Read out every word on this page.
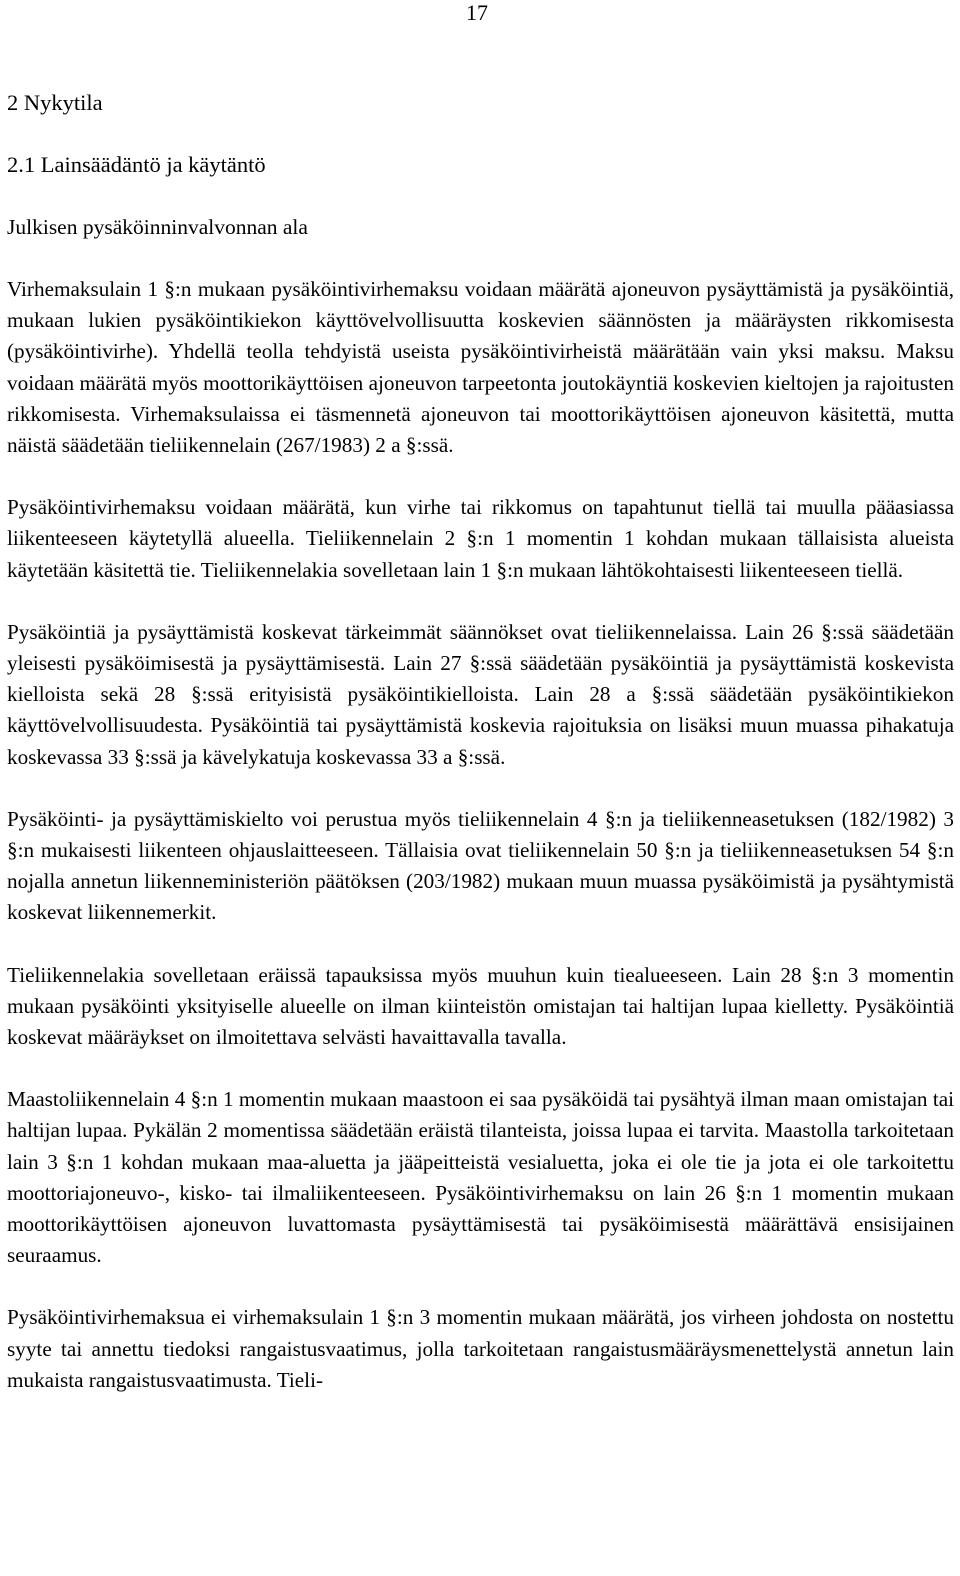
17
2 Nykytila
2.1 Lainsäädäntö ja käytäntö
Julkisen pysäköinninvalvonnan ala

Virhemaksulain 1 §:n mukaan pysäköintivirhemaksu voidaan määrätä ajoneuvon pysäyttämistä ja pysäköintiä, mukaan lukien pysäköintikiekon käyttövelvollisuutta koskevien säännösten ja määräysten rikkomisesta (pysäköintivirhe). Yhdellä teolla tehdyistä useista pysäköintivirheistä määrätään vain yksi maksu. Maksu voidaan määrätä myös moottorikäyttöisen ajoneuvon tarpeetonta joutokäyntiä koskevien kieltojen ja rajoitusten rikkomisesta. Virhemaksulaissa ei täsmennetä ajoneuvon tai moottorikäyttöisen ajoneuvon käsitettä, mutta näistä säädetään tieliikennelain (267/1983) 2 a §:ssä.

Pysäköintivirhemaksu voidaan määrätä, kun virhe tai rikkomus on tapahtunut tiellä tai muulla pääasiassa liikenteeseen käytetyllä alueella. Tieliikennelain 2 §:n 1 momentin 1 kohdan mukaan tällaisista alueista käytetään käsitettä tie. Tieliikennelakia sovelletaan lain 1 §:n mukaan lähtökohtaisesti liikenteeseen tiellä.

Pysäköintiä ja pysäyttämistä koskevat tärkeimmät säännökset ovat tieliikennelaissa. Lain 26 §:ssä säädetään yleisesti pysäköimisestä ja pysäyttämisestä. Lain 27 §:ssä säädetään pysäköintiä ja pysäyttämistä koskevista kielloista sekä 28 §:ssä erityisistä pysäköintikielloista. Lain 28 a §:ssä säädetään pysäköintikiekon käyttövelvollisuudesta. Pysäköintiä tai pysäyttämistä koskevia rajoituksia on lisäksi muun muassa pihakatuja koskevassa 33 §:ssä ja kävelykatuja koskevassa 33 a §:ssä.

Pysäköinti- ja pysäyttämiskielto voi perustua myös tieliikennelain 4 §:n ja tieliikenneasetuksen (182/1982) 3 §:n mukaisesti liikenteen ohjauslaitteeseen. Tällaisia ovat tieliikennelain 50 §:n ja tieliikenneasetuksen 54 §:n nojalla annetun liikenneministeriön päätöksen (203/1982) mukaan muun muassa pysäköimistä ja pysähtymistä koskevat liikennemerkit.

Tieliikennelakia sovelletaan eräissä tapauksissa myös muuhun kuin tiealueeseen. Lain 28 §:n 3 momentin mukaan pysäköinti yksityiselle alueelle on ilman kiinteistön omistajan tai haltijan lupaa kielletty. Pysäköintiä koskevat määräykset on ilmoitettava selvästi havaittavalla tavalla.

Maastoliikennelain 4 §:n 1 momentin mukaan maastoon ei saa pysäköidä tai pysähtyä ilman maan omistajan tai haltijan lupaa. Pykälän 2 momentissa säädetään eräistä tilanteista, joissa lupaa ei tarvita. Maastolla tarkoitetaan lain 3 §:n 1 kohdan mukaan maa-aluetta ja jääpeitteistä vesialuetta, joka ei ole tie ja jota ei ole tarkoitettu moottoriajoneuvo-, kisko- tai ilmaliikenteeseen. Pysäköintivirhemaksu on lain 26 §:n 1 momentin mukaan moottorikäyttöisen ajoneuvon luvattomasta pysäyttämisestä tai pysäköimisestä määrättävä ensisijainen seuraamus.

Pysäköintivirhemaksua ei virhemaksulain 1 §:n 3 momentin mukaan määrätä, jos virheen johdosta on nostettu syyte tai annettu tiedoksi rangaistusvaatimus, jolla tarkoitetaan rangaistusmääräysmenettelystä annetun lain mukaista rangaistusvaatimusta. Tieli-
